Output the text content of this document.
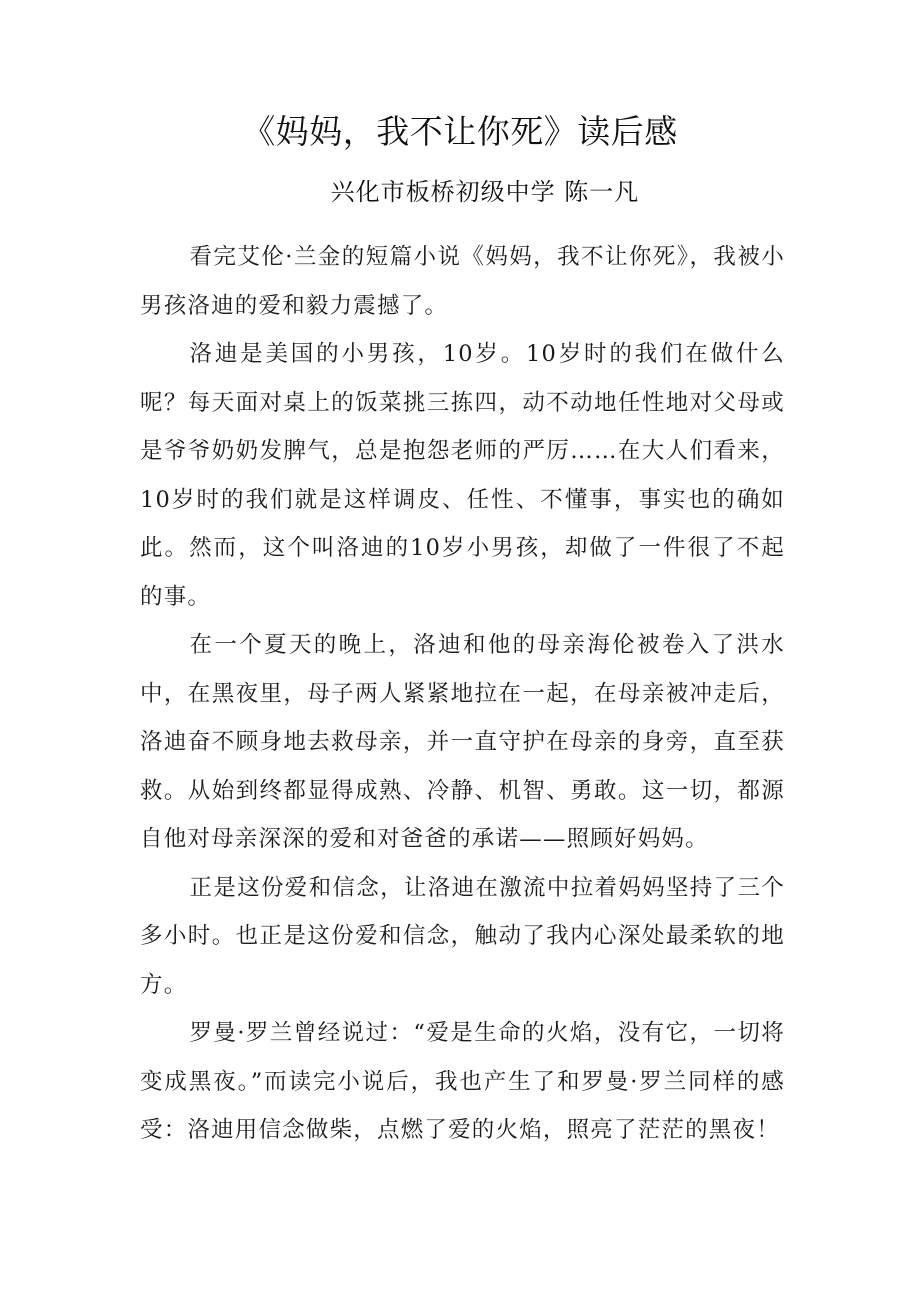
《妈妈，我不让你死》读后感
兴化市板桥初级中学 陈一凡

看完艾伦·兰金的短篇小说《妈妈，我不让你死》，我被小男孩洛迪的爱和毅力震撼了。

洛迪是美国的小男孩，10岁。10岁时的我们在做什么呢？每天面对桌上的饭菜挑三拣四，动不动地任性地对父母或是爷爷奶奶发脾气，总是抱怨老师的严厉……在大人们看来，10岁时的我们就是这样调皮、任性、不懂事，事实也的确如此。然而，这个叫洛迪的10岁小男孩，却做了一件很了不起的事。

在一个夏天的晚上，洛迪和他的母亲海伦被卷入了洪水中，在黑夜里，母子两人紧紧地拉在一起，在母亲被冲走后，洛迪奋不顾身地去救母亲，并一直守护在母亲的身旁，直至获救。从始到终都显得成熟、冷静、机智、勇敢。这一切，都源自他对母亲深深的爱和对爸爸的承诺——照顾好妈妈。

正是这份爱和信念，让洛迪在激流中拉着妈妈坚持了三个多小时。也正是这份爱和信念，触动了我内心深处最柔软的地方。

罗曼·罗兰曾经说过：“爱是生命的火焰，没有它，一切将变成黑夜。”而读完小说后，我也产生了和罗曼·罗兰同样的感受：洛迪用信念做柴，点燃了爱的火焰，照亮了茫茫的黑夜！
